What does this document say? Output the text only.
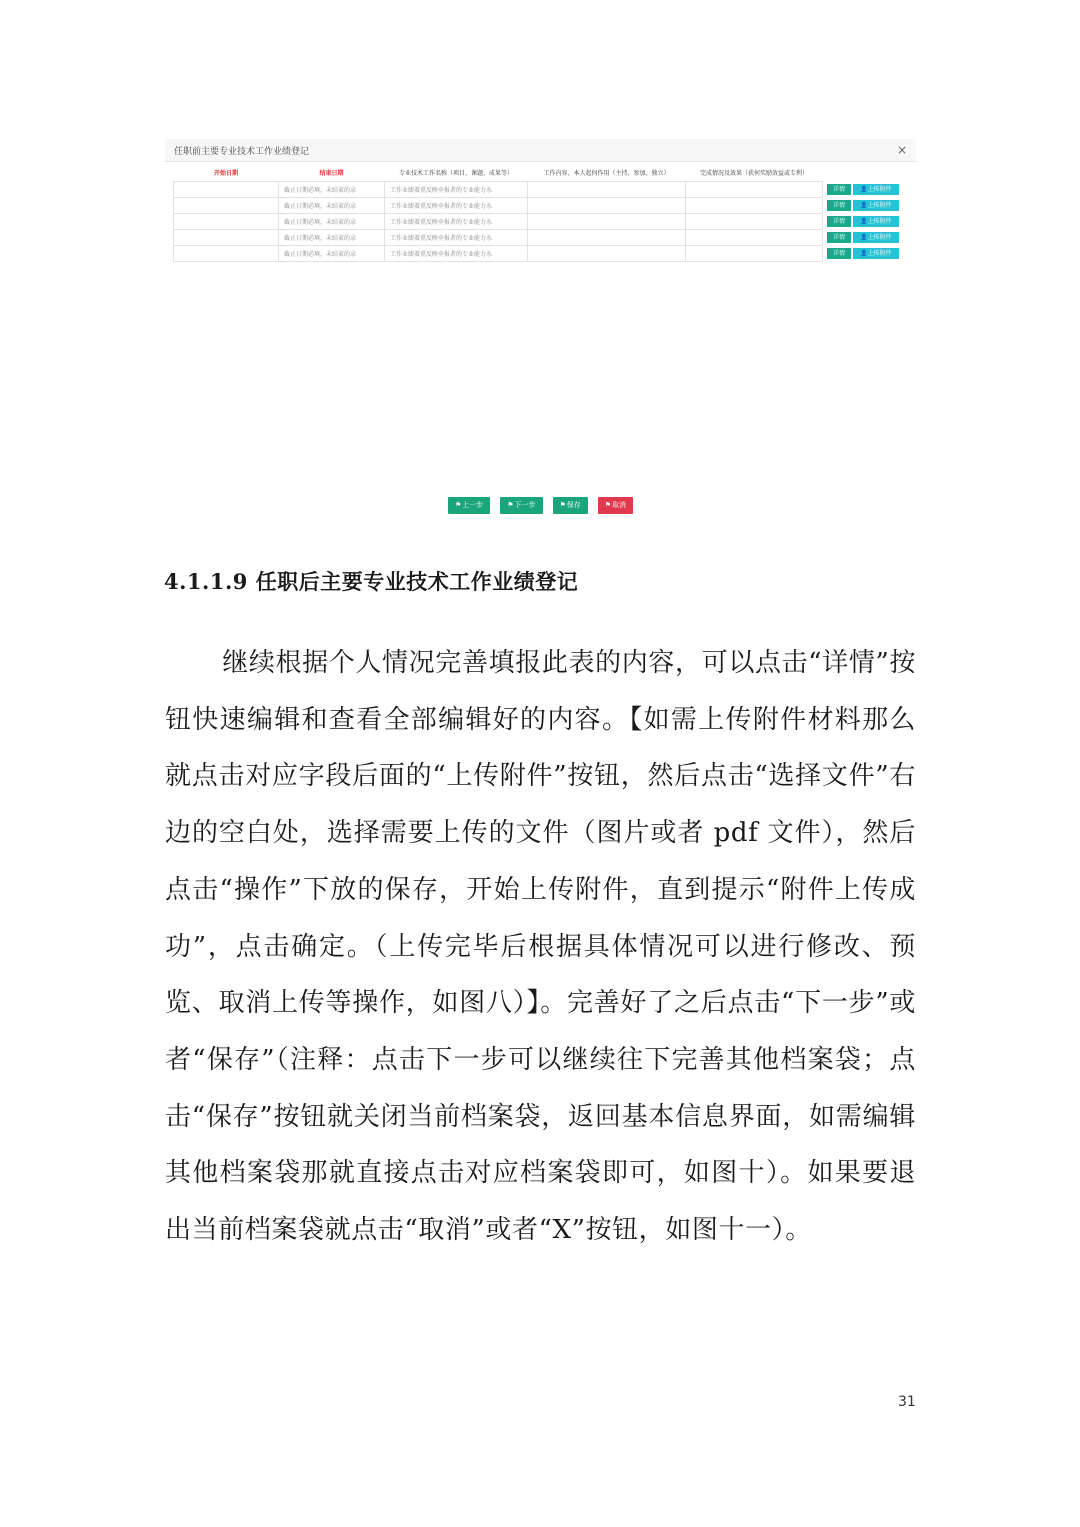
任职前主要专业技术工作业绩登记	×
开始日期	结束日期	专业技术工作名称（项目、课题、成果等）	工作内容、本人起何作用（主持、参加、独立）	完成情况及效果（获何奖励效益或专利）	
	截止日期必填，未结束的录	工作业绩着重反映申报者的专业能力水			详情 👤上传附件
	截止日期必填，未结束的录	工作业绩着重反映申报者的专业能力水			详情 👤上传附件
	截止日期必填，未结束的录	工作业绩着重反映申报者的专业能力水			详情 👤上传附件
	截止日期必填，未结束的录	工作业绩着重反映申报者的专业能力水			详情 👤上传附件
	截止日期必填，未结束的录	工作业绩着重反映申报者的专业能力水			详情 👤上传附件
⚑上一步	⚑下一步	⚑保存	⚑取消
4.1.1.9 任职后主要专业技术工作业绩登记

继续根据个人情况完善填报此表的内容，可以点击“详情”按钮快速编辑和查看全部编辑好的内容。【如需上传附件材料那么就点击对应字段后面的“上传附件”按钮，然后点击“选择文件”右边的空白处，选择需要上传的文件（图片或者 pdf 文件），然后点击“操作”下放的保存，开始上传附件，直到提示“附件上传成功”，点击确定。（上传完毕后根据具体情况可以进行修改、预览、取消上传等操作，如图八）】。完善好了之后点击“下一步”或者“保存”（注释：点击下一步可以继续往下完善其他档案袋；点击“保存”按钮就关闭当前档案袋，返回基本信息界面，如需编辑其他档案袋那就直接点击对应档案袋即可，如图十）。如果要退出当前档案袋就点击“取消”或者“X”按钮，如图十一）。

31
